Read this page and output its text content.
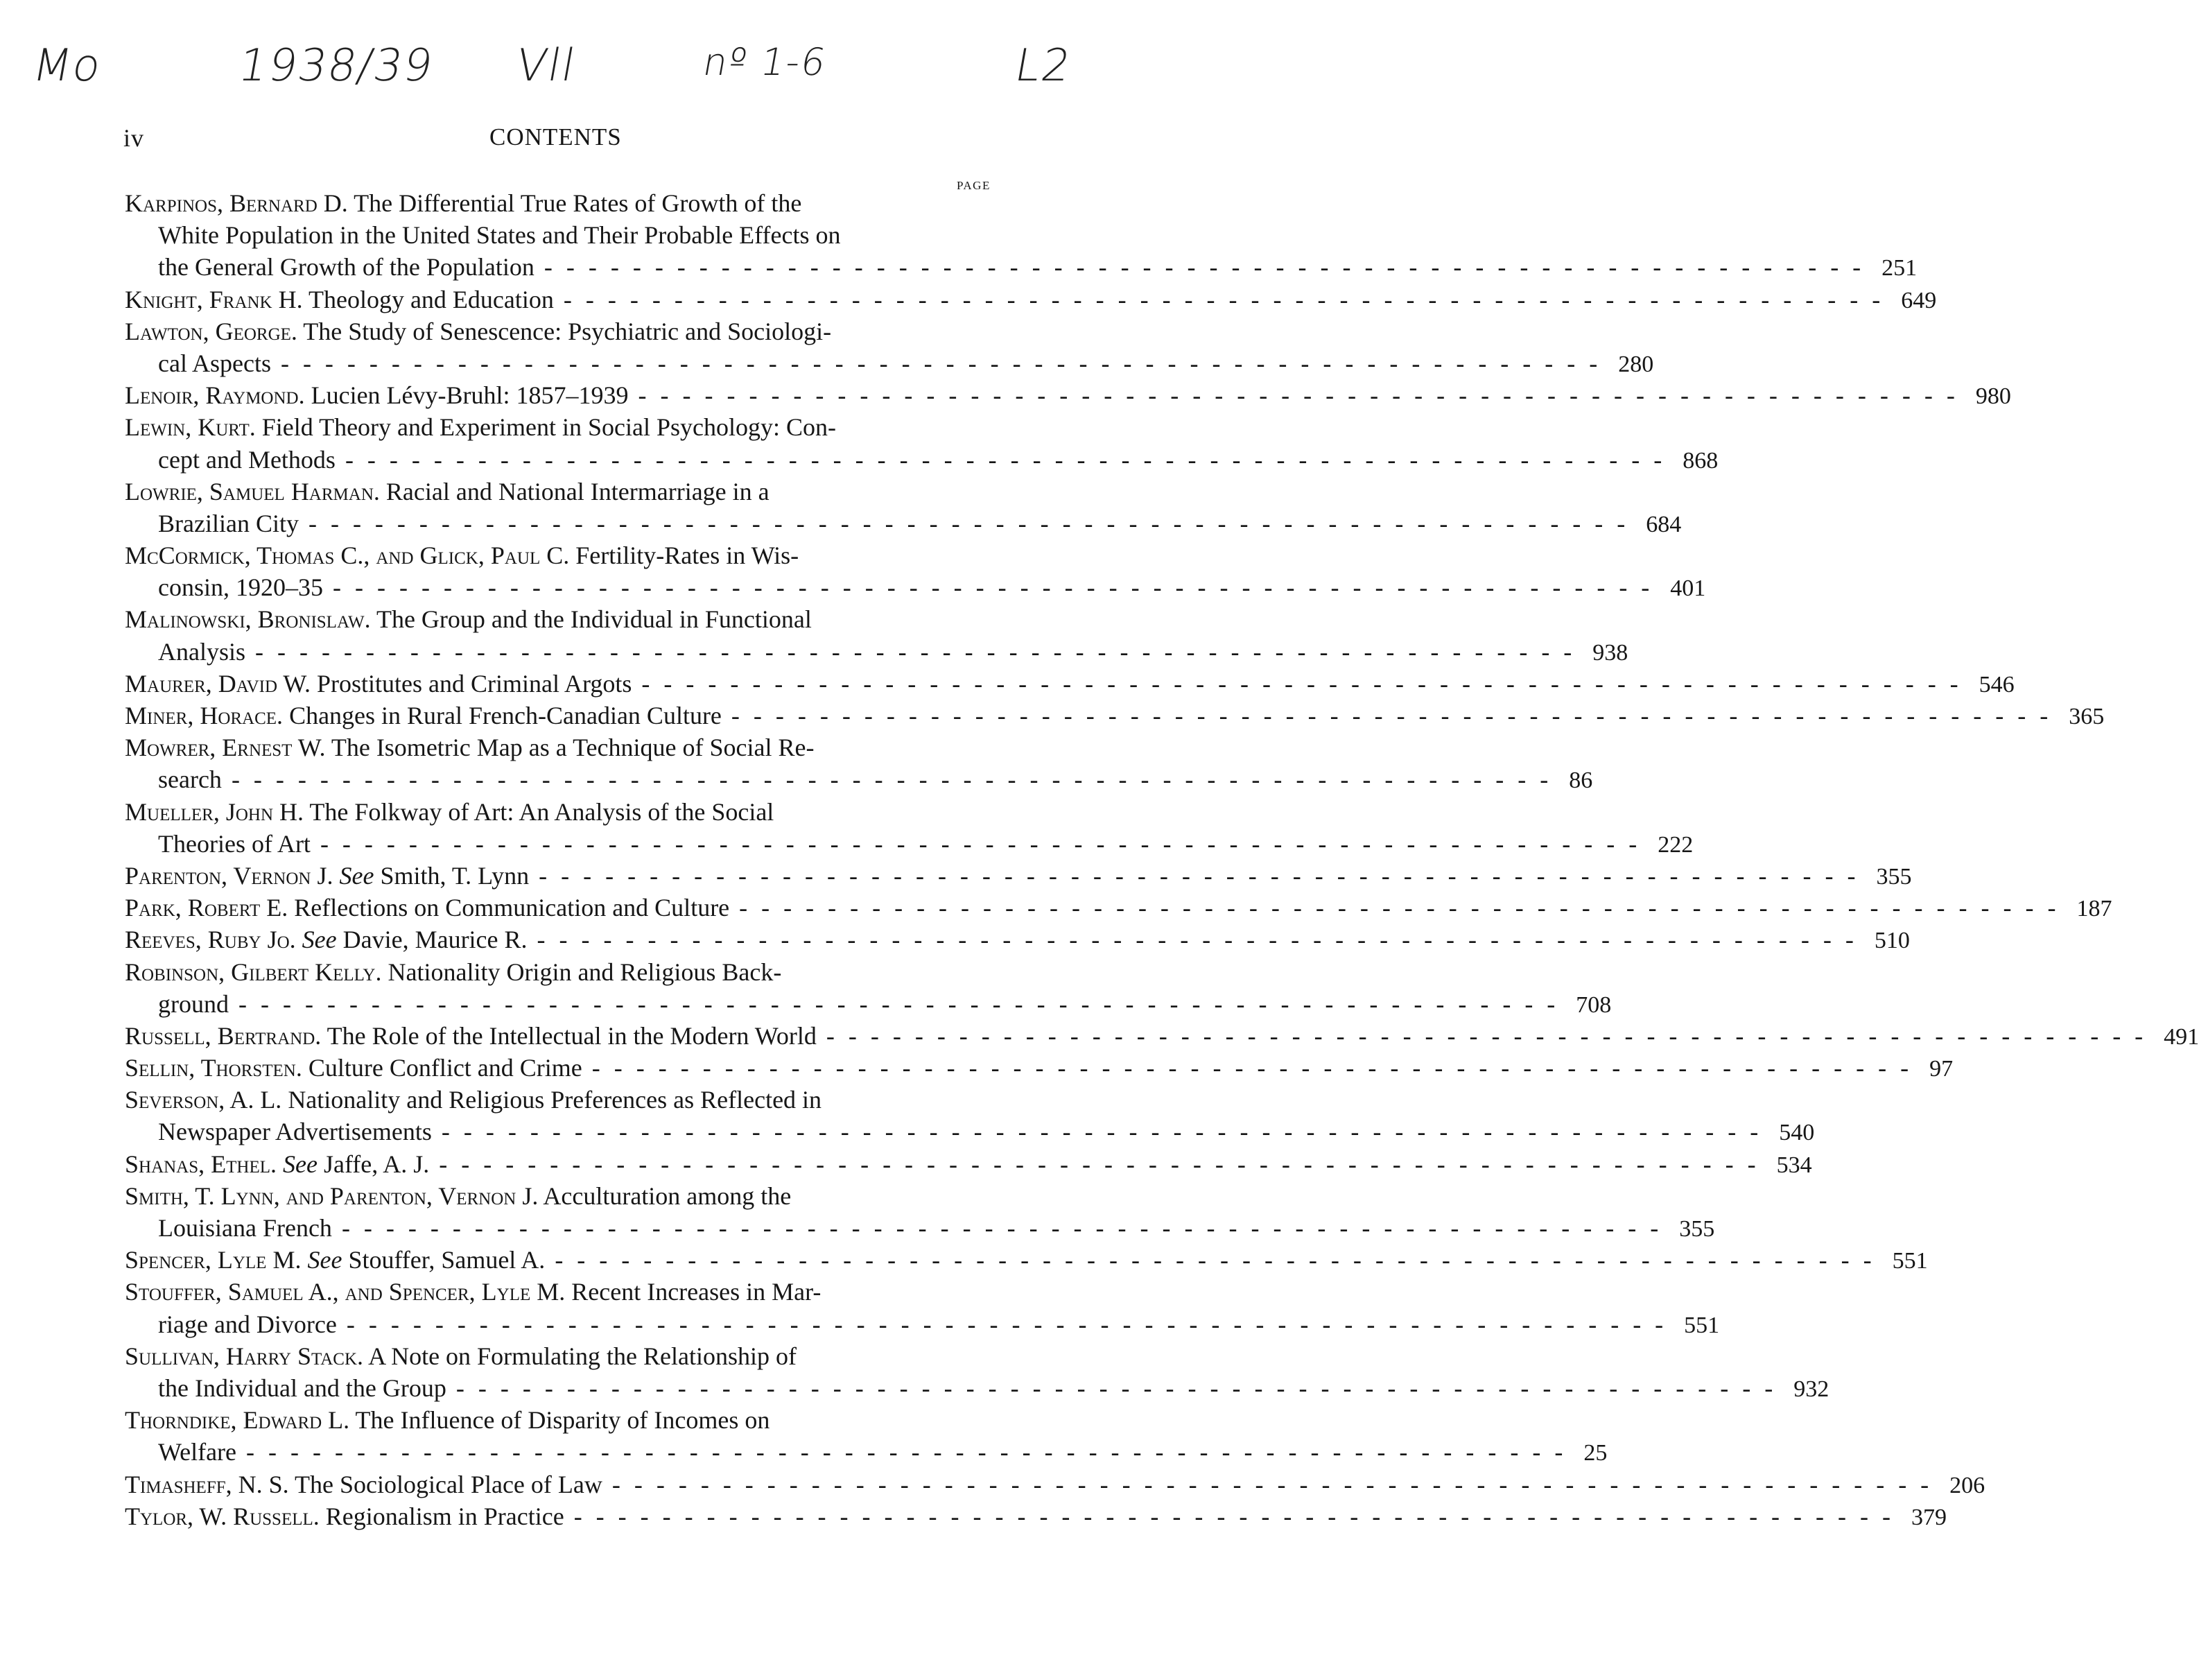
Mo	1938/39 Vll	nº 1-6	L2
iv	CONTENTS
PAGE
Karpinos, Bernard D. The Differential True Rates of Growth of the
White Population in the United States and Their Probable Effects on
the General Growth of the Population ------------------------------------------------------------ 251
Knight, Frank H. Theology and Education ------------------------------------------------------------ 649
Lawton, George. The Study of Senescence: Psychiatric and Sociologi-
cal Aspects ------------------------------------------------------------ 280
Lenoir, Raymond. Lucien Lévy-Bruhl: 1857–1939 ------------------------------------------------------------ 980
Lewin, Kurt. Field Theory and Experiment in Social Psychology: Con-
cept and Methods ------------------------------------------------------------ 868
Lowrie, Samuel Harman. Racial and National Intermarriage in a
Brazilian City ------------------------------------------------------------ 684
McCormick, Thomas C., and Glick, Paul C. Fertility-Rates in Wis-
consin, 1920–35 ------------------------------------------------------------ 401
Malinowski, Bronislaw. The Group and the Individual in Functional
Analysis ------------------------------------------------------------ 938
Maurer, David W. Prostitutes and Criminal Argots ------------------------------------------------------------ 546
Miner, Horace. Changes in Rural French-Canadian Culture ------------------------------------------------------------ 365
Mowrer, Ernest W. The Isometric Map as a Technique of Social Re-
search ------------------------------------------------------------ 86
Mueller, John H. The Folkway of Art: An Analysis of the Social
Theories of Art ------------------------------------------------------------ 222
Parenton, Vernon J. See Smith, T. Lynn ------------------------------------------------------------ 355
Park, Robert E. Reflections on Communication and Culture ------------------------------------------------------------ 187
Reeves, Ruby Jo. See Davie, Maurice R. ------------------------------------------------------------ 510
Robinson, Gilbert Kelly. Nationality Origin and Religious Back-
ground ------------------------------------------------------------ 708
Russell, Bertrand. The Role of the Intellectual in the Modern World ------------------------------------------------------------ 491
Sellin, Thorsten. Culture Conflict and Crime ------------------------------------------------------------ 97
Severson, A. L. Nationality and Religious Preferences as Reflected in
Newspaper Advertisements ------------------------------------------------------------ 540
Shanas, Ethel. See Jaffe, A. J. ------------------------------------------------------------ 534
Smith, T. Lynn, and Parenton, Vernon J. Acculturation among the
Louisiana French ------------------------------------------------------------ 355
Spencer, Lyle M. See Stouffer, Samuel A. ------------------------------------------------------------ 551
Stouffer, Samuel A., and Spencer, Lyle M. Recent Increases in Mar-
riage and Divorce ------------------------------------------------------------ 551
Sullivan, Harry Stack. A Note on Formulating the Relationship of
the Individual and the Group ------------------------------------------------------------ 932
Thorndike, Edward L. The Influence of Disparity of Incomes on
Welfare ------------------------------------------------------------ 25
Timasheff, N. S. The Sociological Place of Law ------------------------------------------------------------ 206
Tylor, W. Russell. Regionalism in Practice ------------------------------------------------------------ 379
